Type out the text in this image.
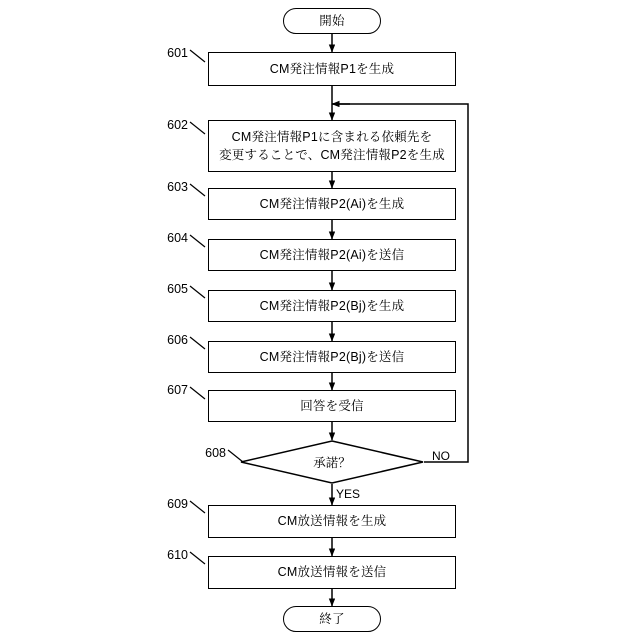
開始
601
CM発注情報P1を生成
602
CM発注情報P1に含まれる依頼先を
変更することで、CM発注情報P2を生成
603
CM発注情報P2(Ai)を生成
604
CM発注情報P2(Ai)を送信
605
CM発注情報P2(Bj)を生成
606
CM発注情報P2(Bj)を送信
607
回答を受信
608
承諾？	NO
YES
609
CM放送情報を生成
610
CM放送情報を送信
終了
